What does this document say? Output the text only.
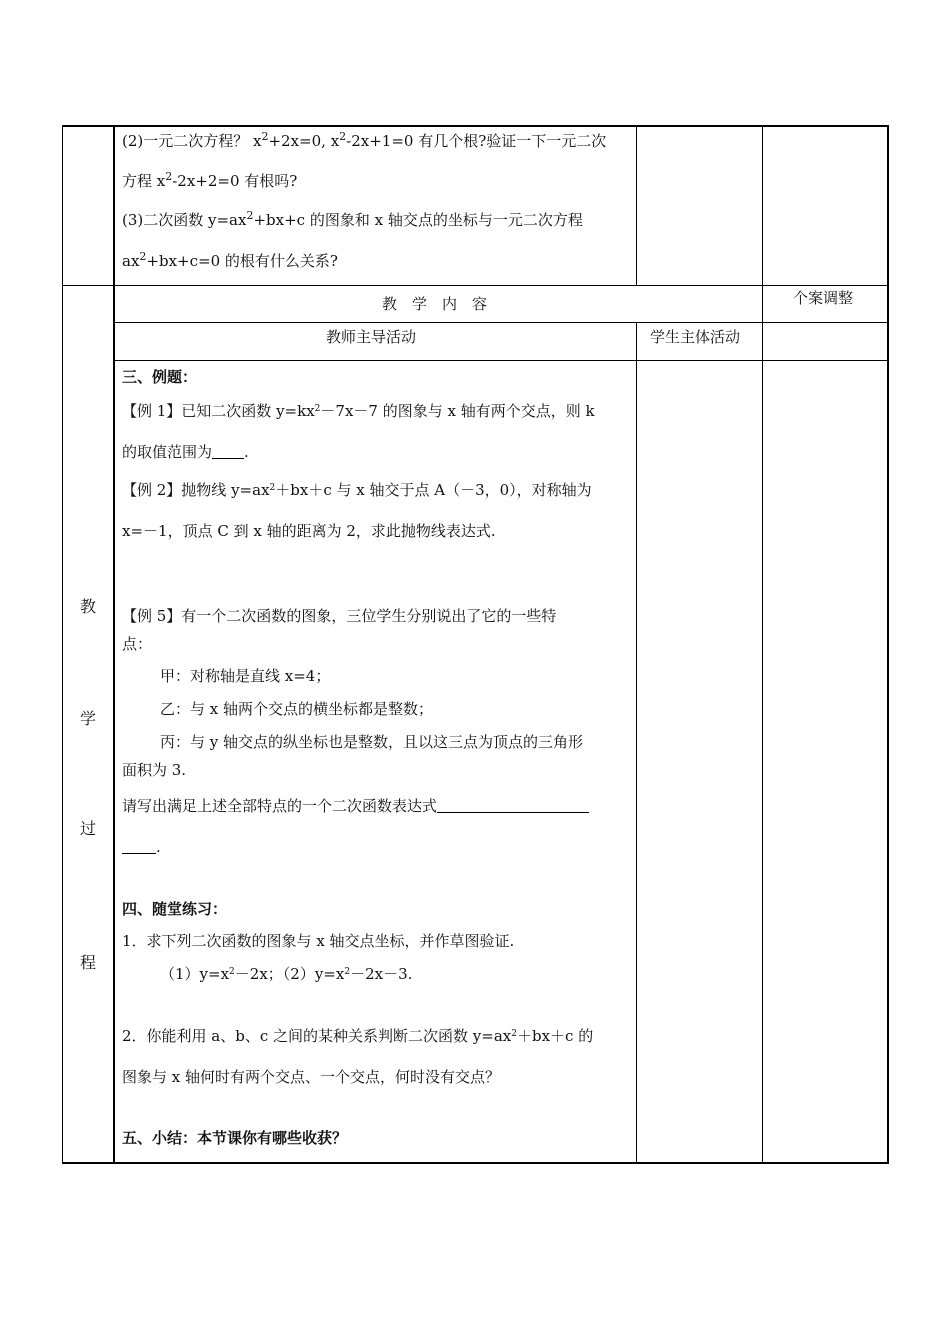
(2)一元二次方程？ $x^2+2x=0$, $x^2-2x+1=0$ 有几个根?验证一下一元二次
方程 $x^2-2x+2=0$ 有根吗?
(3)二次函数 $y=ax^2+bx+c$ 的图象和 x 轴交点的坐标与一元二次方程
$ax^2+bx+c=0$ 的根有什么关系?
教　学　内　容	个案调整
教师主导活动	学生主体活动
教
学
过
程
三、例题：
【例 1】已知二次函数 $y=kx^2-7x-7$ 的图象与 x 轴有两个交点，则 k
的取值范围为 .
【例 2】抛物线 $y=ax^2+bx+c$ 与 x 轴交于点 A（－3，0），对称轴为
x=－1，顶点 C 到 x 轴的距离为 2，求此抛物线表达式.
【例 5】有一个二次函数的图象，三位学生分别说出了它的一些特
点：
甲：对称轴是直线 x=4；
乙：与 x 轴两个交点的横坐标都是整数；
丙：与 y 轴交点的纵坐标也是整数，且以这三点为顶点的三角形
面积为 3.
请写出满足上述全部特点的一个二次函数表达式
.
四、随堂练习：
1．求下列二次函数的图象与 x 轴交点坐标，并作草图验证.
$(1)y=x^2-2x$；$(2)y=x^2-2x-3$.
2．你能利用 a、b、c 之间的某种关系判断二次函数 $y=ax^2+bx+c$ 的
图象与 x 轴何时有两个交点、一个交点，何时没有交点？
五、小结：本节课你有哪些收获？
